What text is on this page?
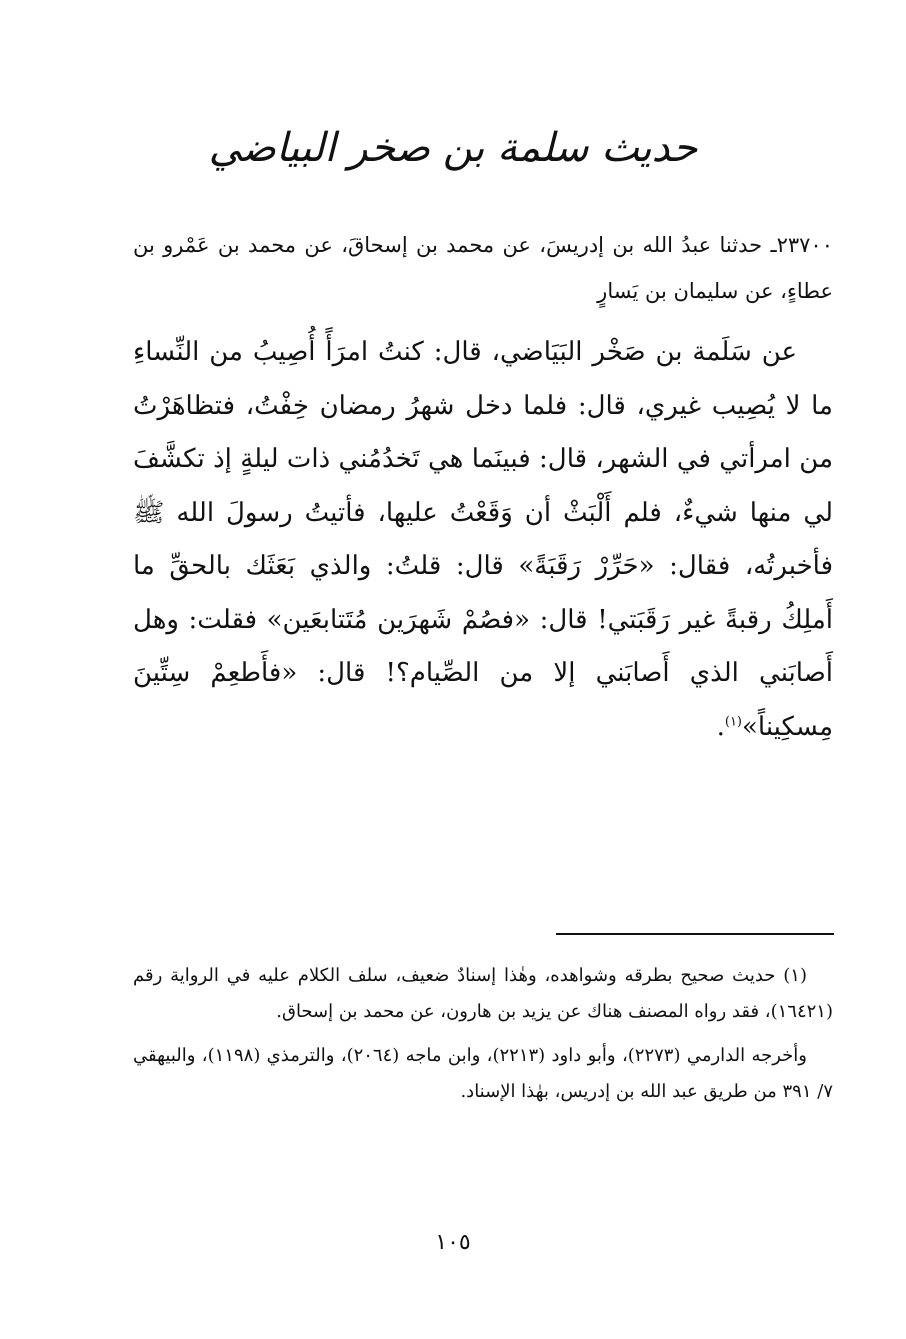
حديث سلمة بن صخر البياضي
٢٣٧٠٠ـ حدثنا عبدُ الله بن إدريسَ، عن محمد بن إسحاقَ، عن محمد بن عَمْرو بن عطاءٍ، عن سليمان بن يَسارٍ
عن سَلَمة بن صَخْر البَيَاضي، قال: كنتُ امرَأً أُصِيبُ من النِّساءِ ما لا يُصِيب غيري، قال: فلما دخل شهرُ رمضان خِفْتُ، فتظاهَرْتُ من امرأتي في الشهر، قال: فبينَما هي تَخدُمُني ذات ليلةٍ إذ تكشَّفَ لي منها شيءٌ، فلم أَلْبَثْ أن وَقَعْتُ عليها، فأتيتُ رسولَ الله ﷺ فأخبرتُه، فقال: «حَرِّرْ رَقَبَةً» قال: قلتُ: والذي بَعَثَك بالحقِّ ما أَملِكُ رقبةً غير رَقَبَتي! قال: «فصُمْ شَهرَين مُتَتابعَين» فقلت: وهل أَصابَني الذي أَصابَني إلا من الصِّيام؟! قال: «فأَطعِمْ سِتِّينَ مِسكِيناً»$^{(١)}$.

(١) حديث صحيح بطرقه وشواهده، وهٰذا إسنادٌ ضعيف، سلف الكلام عليه في الرواية رقم (١٦٤٢١)، فقد رواه المصنف هناك عن يزيد بن هارون، عن محمد بن إسحاق.

وأخرجه الدارمي (٢٢٧٣)، وأبو داود (٢٢١٣)، وابن ماجه (٢٠٦٤)، والترمذي (١١٩٨)، والبيهقي ٧/ ٣٩١ من طريق عبد الله بن إدريس، بهٰذا الإسناد.

١٠٥
